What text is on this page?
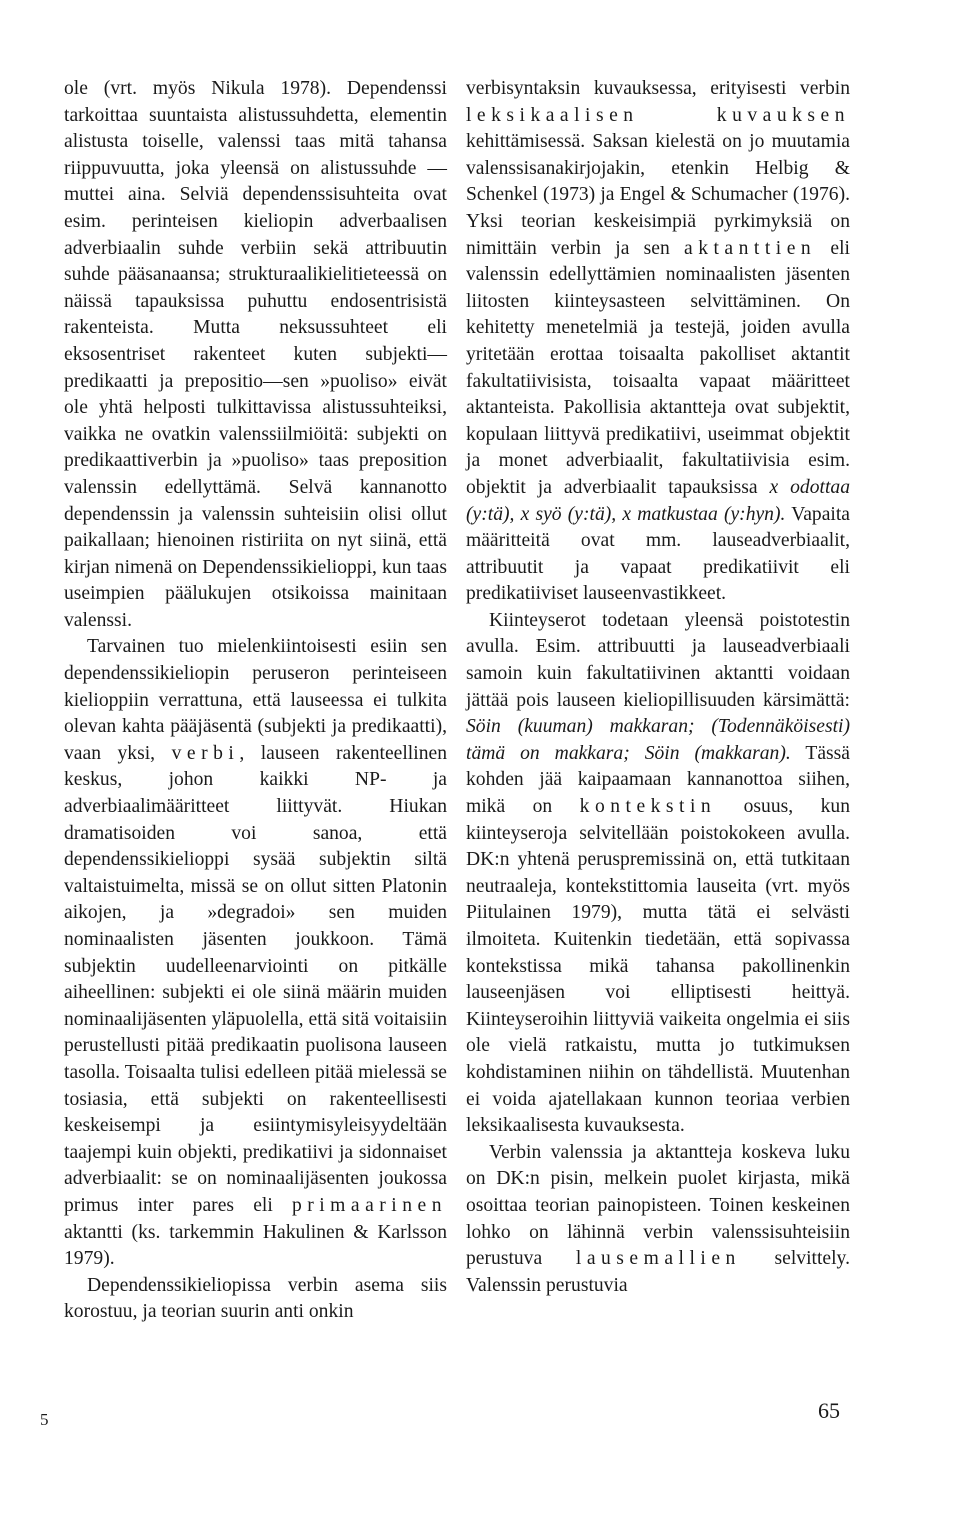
ole (vrt. myös Nikula 1978). Dependenssi tarkoittaa suuntaista alistussuhdetta, elementin alistusta toiselle, valenssi taas mitä tahansa riippuvuutta, joka yleensä on alistussuhde — muttei aina. Selviä dependenssisuhteita ovat esim. perinteisen kieliopin adverbaalisen adverbiaalin suhde verbiin sekä attribuutin suhde pääsanaansa; strukturaalikielitieteessä on näissä tapauksissa puhuttu endosentrisistä rakenteista. Mutta neksussuhteet eli eksosentriset rakenteet kuten subjekti—predikaatti ja prepositio—sen »puoliso» eivät ole yhtä helposti tulkittavissa alistussuhteiksi, vaikka ne ovatkin valenssiilmiöitä: subjekti on predikaattiverbin ja »puoliso» taas preposition valenssin edellyttämä. Selvä kannanotto dependenssin ja valenssin suhteisiin olisi ollut paikallaan; hienoinen ristiriita on nyt siinä, että kirjan nimenä on Dependenssikielioppi, kun taas useimpien päälukujen otsikoissa mainitaan valenssi.

Tarvainen tuo mielenkiintoisesti esiin sen dependenssikieliopin peruseron perinteiseen kielioppiin verrattuna, että lauseessa ei tulkita olevan kahta pääjäsentä (subjekti ja predikaatti), vaan yksi, verbi, lauseen rakenteellinen keskus, johon kaikki NP- ja adverbiaalimääritteet liittyvät. Hiukan dramatisoiden voi sanoa, että dependenssikielioppi sysää subjektin siltä valtaistuimelta, missä se on ollut sitten Platonin aikojen, ja »degradoi» sen muiden nominaalisten jäsenten joukkoon. Tämä subjektin uudelleenarviointi on pitkälle aiheellinen: subjekti ei ole siinä määrin muiden nominaalijäsenten yläpuolella, että sitä voitaisiin perustellusti pitää predikaatin puolisona lauseen tasolla. Toisaalta tulisi edelleen pitää mielessä se tosiasia, että subjekti on rakenteellisesti keskeisempi ja esiintymisyleisyydeltään taajempi kuin objekti, predikatiivi ja sidonnaiset adverbiaalit: se on nominaalijäsenten joukossa primus inter pares eli primaarinen aktantti (ks. tarkemmin Hakulinen & Karlsson 1979).

Dependenssikieliopissa verbin asema siis korostuu, ja teorian suurin anti onkin

verbisyntaksin kuvauksessa, erityisesti verbin leksikaalisen kuvauksen kehittämisessä. Saksan kielestä on jo muutamia valenssisanakirjojakin, etenkin Helbig & Schenkel (1973) ja Engel & Schumacher (1976). Yksi teorian keskeisimpiä pyrkimyksiä on nimittäin verbin ja sen aktanttien eli valenssin edellyttämien nominaalisten jäsenten liitosten kiinteysasteen selvittäminen. On kehitetty menetelmiä ja testejä, joiden avulla yritetään erottaa toisaalta pakolliset aktantit fakultatiivisista, toisaalta vapaat määritteet aktanteista. Pakollisia aktantteja ovat subjektit, kopulaan liittyvä predikatiivi, useimmat objektit ja monet adverbiaalit, fakultatiivisia esim. objektit ja adverbiaalit tapauksissa x odottaa (y:tä), x syö (y:tä), x matkustaa (y:hyn). Vapaita määritteitä ovat mm. lauseadverbiaalit, attribuutit ja vapaat predikatiivit eli predikatiiviset lauseenvastikkeet.

Kiinteyserot todetaan yleensä poistotestin avulla. Esim. attribuutti ja lauseadverbiaali samoin kuin fakultatiivinen aktantti voidaan jättää pois lauseen kieliopillisuuden kärsimättä: Söin (kuuman) makkaran; (Todennäköisesti) tämä on makkara; Söin (makkaran). Tässä kohden jää kaipaamaan kannanottoa siihen, mikä on kontekstin osuus, kun kiinteyseroja selvitellään poistokokeen avulla. DK:n yhtenä peruspremissinä on, että tutkitaan neutraaleja, kontekstittomia lauseita (vrt. myös Piitulainen 1979), mutta tätä ei selvästi ilmoiteta. Kuitenkin tiedetään, että sopivassa kontekstissa mikä tahansa pakollinenkin lauseenjäsen voi elliptisesti heittyä. Kiinteyseroihin liittyviä vaikeita ongelmia ei siis ole vielä ratkaistu, mutta jo tutkimuksen kohdistaminen niihin on tähdellistä. Muutenhan ei voida ajatellakaan kunnon teoriaa verbien leksikaalisesta kuvauksesta.

Verbin valenssia ja aktantteja koskeva luku on DK:n pisin, melkein puolet kirjasta, mikä osoittaa teorian painopisteen. Toinen keskeinen lohko on lähinnä verbin valenssisuhteisiin perustuva lausemallien selvittely. Valenssin perustuvia

5	65
